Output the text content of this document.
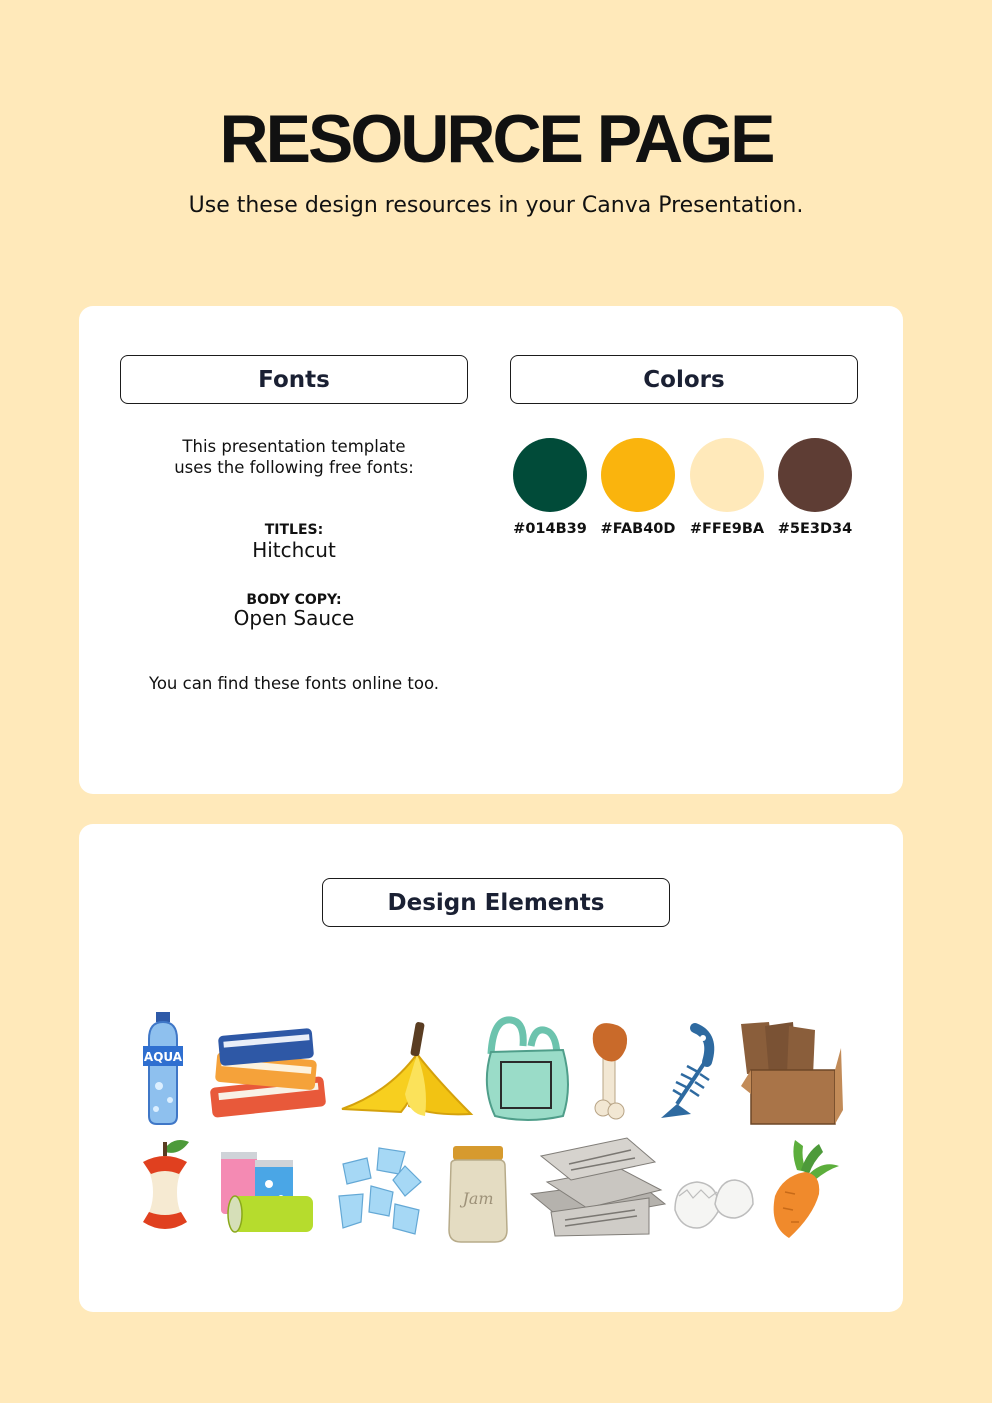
RESOURCE PAGE
Use these design resources in your Canva Presentation.
Fonts	Colors
This presentation template
uses the following free fonts:
TITLES:
Hitchcut
BODY COPY:
Open Sauce
You can find these fonts online too.
#014B39 #FAB40D #FFE9BA #5E3D34
Design Elements
AQUA
Jam
